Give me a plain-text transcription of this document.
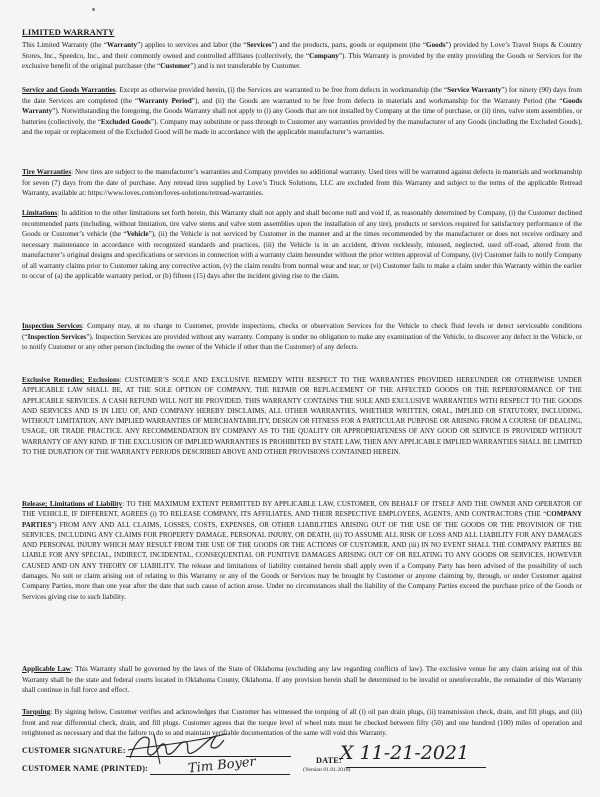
LIMITED WARRANTY
This Limited Warranty (the “Warranty”) applies to services and labor (the “Services”) and the products, parts, goods or equipment (the “Goods”) provided by Love’s Travel Stops & Country Stores, Inc., Speedco, Inc., and their commonly owned and controlled affiliates (collectively, the “Company”). This Warranty is provided by the entity providing the Goods or Services for the exclusive benefit of the original purchaser (the “Customer”) and is not transferable by Customer.
Service and Goods Warranties. Except as otherwise provided herein, (i) the Services are warranted to be free from defects in workmanship (the “Service Warranty”) for ninety (90) days from the date Services are completed (the “Warranty Period”), and (ii) the Goods are warranted to be free from defects in materials and workmanship for the Warranty Period (the “Goods Warranty”). Notwithstanding the foregoing, the Goods Warranty shall not apply to (i) any Goods that are not installed by Company at the time of purchase, or (ii) tires, valve stem assemblies, or batteries (collectively, the “Excluded Goods”). Company may substitute or pass through to Customer any warranties provided by the manufacturer of any Goods (including the Excluded Goods), and the repair or replacement of the Excluded Good will be made in accordance with the applicable manufacturer’s warranties.
Tire Warranties: New tires are subject to the manufacturer’s warranties and Company provides no additional warranty. Used tires will be warranted against defects in materials and workmanship for seven (7) days from the date of purchase. Any retread tires supplied by Love’s Truck Solutions, LLC are excluded from this Warranty and subject to the terms of the applicable Retread Warranty, available at: https://www.loves.com/en/loves-solutions/retread-warranties.
Limitations: In addition to the other limitations set forth herein, this Warranty shall not apply and shall become null and void if, as reasonably determined by Company, (i) the Customer declined recommended parts (including, without limitation, tire valve stems and valve stem assemblies upon the installation of any tire), products or services required for satisfactory performance of the Goods or Customer’s vehicle (the “Vehicle”), (ii) the Vehicle is not serviced by Customer in the manner and at the times recommended by the manufacturer or does not receive ordinary and necessary maintenance in accordance with recognized standards and practices, (iii) the Vehicle is in an accident, driven recklessly, misused, neglected, used off-road, altered from the manufacturer’s original designs and specifications or services in connection with a warranty claim hereunder without the prior written approval of Company, (iv) Customer fails to notify Company of all warranty claims prior to Customer taking any corrective action, (v) the claim results from normal wear and tear, or (vi) Customer fails to make a claim under this Warranty within the earlier to occur of (a) the applicable warranty period, or (b) fifteen (15) days after the incident giving rise to the claim.
Inspection Services: Company may, at no charge to Customer, provide inspections, checks or observation Services for the Vehicle to check fluid levels or detect serviceable conditions (“Inspection Services”). Inspection Services are provided without any warranty. Company is under no obligation to make any examination of the Vehicle, to discover any defect in the Vehicle, or to notify Customer or any other person (including the owner of the Vehicle if other than the Customer) of any defects.
Exclusive Remedies; Exclusions: CUSTOMER’S SOLE AND EXCLUSIVE REMEDY WITH RESPECT TO THE WARRANTIES PROVIDED HEREUNDER OR OTHERWISE UNDER APPLICABLE LAW SHALL BE, AT THE SOLE OPTION OF COMPANY, THE REPAIR OR REPLACEMENT OF THE AFFECTED GOODS OR THE REPERFORMANCE OF THE APPLICABLE SERVICES. A CASH REFUND WILL NOT BE PROVIDED. THIS WARRANTY CONTAINS THE SOLE AND EXCLUSIVE WARRANTIES WITH RESPECT TO THE GOODS AND SERVICES AND IS IN LIEU OF, AND COMPANY HEREBY DISCLAIMS, ALL OTHER WARRANTIES, WHETHER WRITTEN, ORAL, IMPLIED OR STATUTORY, INCLUDING, WITHOUT LIMITATION, ANY IMPLIED WARRANTIES OF MERCHANTABILITY, DESIGN OR FITNESS FOR A PARTICULAR PURPOSE OR ARISING FROM A COURSE OF DEALING, USAGE, OR TRADE PRACTICE. ANY RECOMMENDATION BY COMPANY AS TO THE QUALITY OR APPROPRIATENESS OF ANY GOOD OR SERVICE IS PROVIDED WITHOUT WARRANTY OF ANY KIND. IF THE EXCLUSION OF IMPLIED WARRANTIES IS PROHIBITED BY STATE LAW, THEN ANY APPLICABLE IMPLIED WARRANTIES SHALL BE LIMITED TO THE DURATION OF THE WARRANTY PERIODS DESCRIBED ABOVE AND OTHER PROVISIONS CONTAINED HEREIN.
Release; Limitations of Liability: TO THE MAXIMUM EXTENT PERMITTED BY APPLICABLE LAW, CUSTOMER, ON BEHALF OF ITSELF AND THE OWNER AND OPERATOR OF THE VEHICLE, IF DIFFERENT, AGREES (i) TO RELEASE COMPANY, ITS AFFILIATES, AND THEIR RESPECTIVE EMPLOYEES, AGENTS, AND CONTRACTORS (THE “COMPANY PARTIES”) FROM ANY AND ALL CLAIMS, LOSSES, COSTS, EXPENSES, OR OTHER LIABILITIES ARISING OUT OF THE USE OF THE GOODS OR THE PROVISION OF THE SERVICES, INCLUDING ANY CLAIMS FOR PROPERTY DAMAGE, PERSONAL INJURY, OR DEATH, (ii) TO ASSUME ALL RISK OF LOSS AND ALL LIABILITY FOR ANY DAMAGES AND PERSONAL INJURY WHICH MAY RESULT FROM THE USE OF THE GOODS OR THE ACTIONS OF CUSTOMER, AND (iii) IN NO EVENT SHALL THE COMPANY PARTIES BE LIABLE FOR ANY SPECIAL, INDIRECT, INCIDENTAL, CONSEQUENTIAL OR PUNITIVE DAMAGES ARISING OUT OF OR RELATING TO ANY GOODS OR SERVICES, HOWEVER CAUSED AND ON ANY THEORY OF LIABILITY. The release and limitations of liability contained herein shall apply even if a Company Party has been advised of the possibility of such damages. No suit or claim arising out of relating to this Warranty or any of the Goods or Services may be brought by Customer or anyone claiming by, through, or under Customer against Company Parties, more than one year after the date that such cause of action arose. Under no circumstances shall the liability of the Company Parties exceed the purchase price of the Goods or Services giving rise to such liability.
Applicable Law: This Warranty shall be governed by the laws of the State of Oklahoma (excluding any law regarding conflicts of law). The exclusive venue for any claim arising out of this Warranty shall be the state and federal courts located in Oklahoma County, Oklahoma. If any provision herein shall be determined to be invalid or unenforceable, the remainder of this Warranty shall continue in full force and effect.
Torquing: By signing below, Customer verifies and acknowledges that Customer has witnessed the torquing of all (i) oil pan drain plugs, (ii) transmission check, drain, and fill plugs, and (iii) front and rear differential check, drain, and fill plugs. Customer agrees that the torque level of wheel nuts must be checked between fifty (50) and one hundred (100) miles of operation and retightened as necessary and that the failure to do so and maintain verifiable documentation of the same will void this Warranty.
CUSTOMER SIGNATURE:
DATE:
X 11-21-2021
CUSTOMER NAME (PRINTED):	Tim Boyer	(Version 01.01.2018)
